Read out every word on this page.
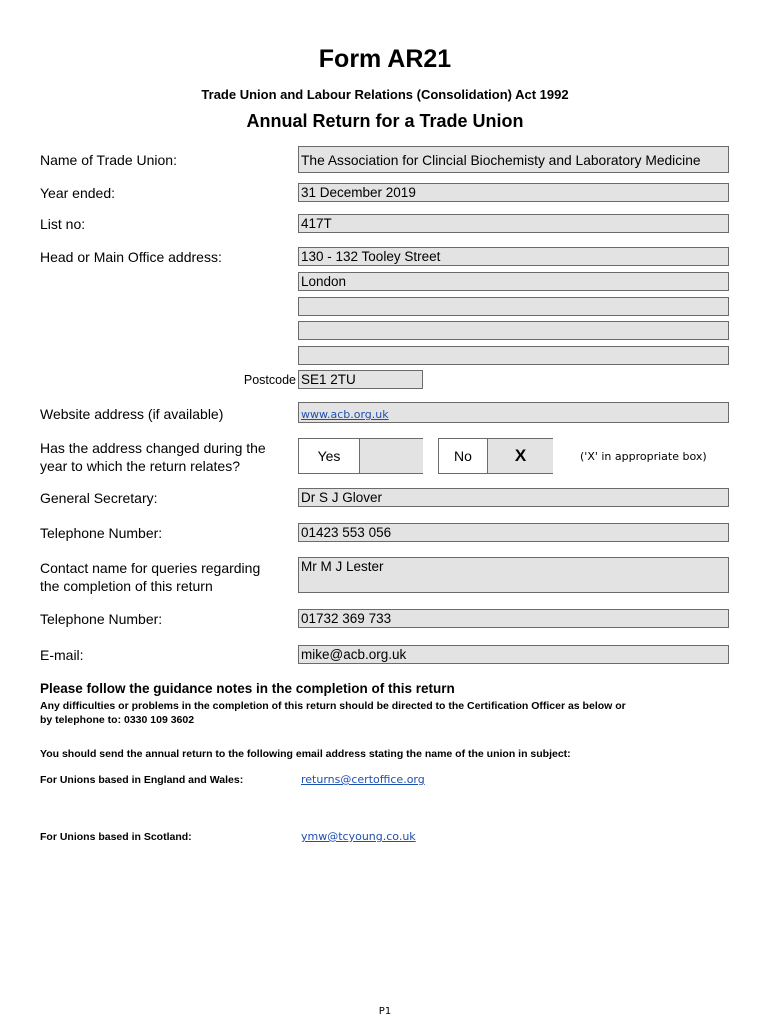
Form AR21
Trade Union and Labour Relations (Consolidation) Act 1992
Annual Return for a Trade Union
Name of Trade Union:	The Association for Clincial Biochemisty and Laboratory Medicine
Year ended:	31 December 2019
List no:	417T
Head or Main Office address:	130 - 132 Tooley Street
London
Postcode SE1 2TU
Website address (if available)	www.acb.org.uk
Has the address changed during the year to which the return relates?
Yes	No	X	('X' in appropriate box)
General Secretary:	Dr S J Glover
Telephone Number:	01423 553 056
Contact name for queries regarding the completion of this return
Mr M J Lester
Telephone Number:	01732 369 733
E-mail:	mike@acb.org.uk
Please follow the guidance notes in the completion of this return
Any difficulties or problems in the completion of this return should be directed to the Certification Officer as below or by telephone to: 0330 109 3602
You should send the annual return to the following email address stating the name of the union in subject:
For Unions based in England and Wales:	returns@certoffice.org
For Unions based in Scotland:	ymw@tcyoung.co.uk
P1
